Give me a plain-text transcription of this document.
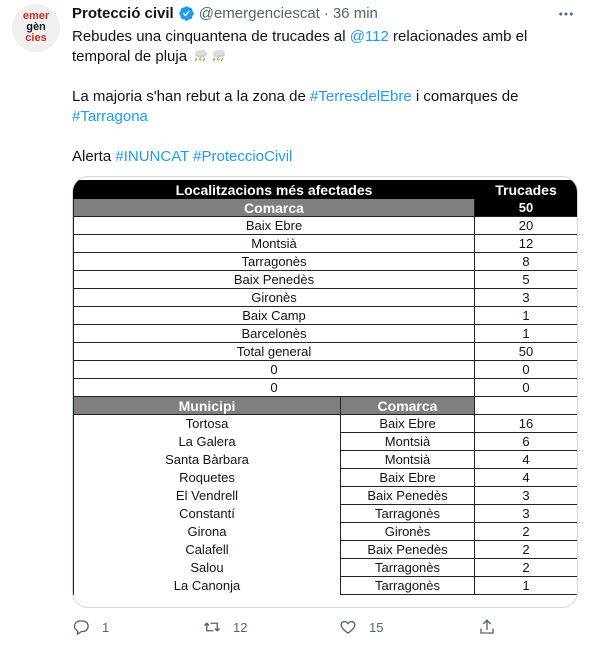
emer
gèn
cies
Protecció civil @emergenciescat · 36 min

Rebudes una cinquantena de trucades al @112 relacionades amb el temporal de pluja

La majoria s'han rebut a la zona de #TerresdelEbre i comarques de #Tarragona

Alerta #INUNCAT #ProteccioCivil

Localitzacions més afectades		Trucades
Comarca		50
Baix Ebre		20
Montsià		12
Tarragonès		8
Baix Penedès		5
Gironès		3
Baix Camp		1
Barcelonès		1
Total general		50
0		0
0		0
Municipi	Comarca	
Tortosa	Baix Ebre	16
La Galera	Montsià	6
Santa Bàrbara	Montsià	4
Roquetes	Baix Ebre	4
El Vendrell	Baix Penedès	3
Constantí	Tarragonès	3
Girona	Gironès	2
Calafell	Baix Penedès	2
Salou	Tarragonès	2
La Canonja	Tarragonès	1
1	12	15
